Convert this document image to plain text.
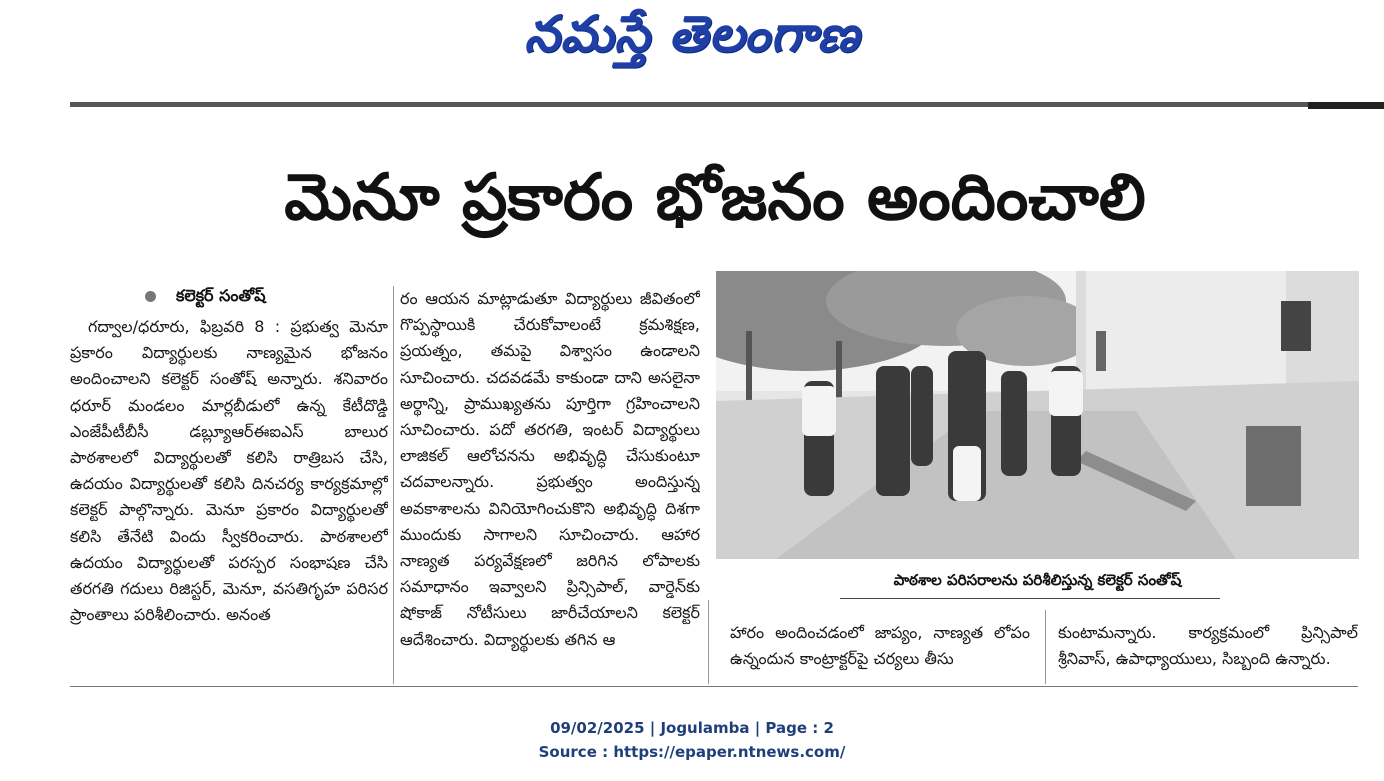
నమస్తే తెలంగాణ
మెనూ ప్రకారం భోజనం అందించాలి
కలెక్టర్ సంతోష్

గద్వాల/ధరూరు, ఫిబ్రవరి 8 : ప్రభుత్వ మెనూ ప్రకారం విద్యార్థులకు నాణ్యమైన భోజనం అందించాలని కలెక్టర్ సంతోష్ అన్నారు. శనివారం ధరూర్ మండలం మార్లబీడులో ఉన్న కేటీదొడ్డి ఎంజేపీటీబీసీ డబ్ల్యూఆర్ఈఐఎస్ బాలుర పాఠశాలలో విద్యార్థులతో కలిసి రాత్రిబస చేసి, ఉదయం విద్యార్థులతో కలిసి దినచర్య కార్యక్రమాల్లో కలెక్టర్ పాల్గొన్నారు. మెనూ ప్రకారం విద్యార్థులతో కలిసి తేనేటి విందు స్వీకరించారు. పాఠశాలలో ఉదయం విద్యార్థులతో పరస్పర సంభాషణ చేసి తరగతి గదులు రిజిస్టర్, మెనూ, వసతిగృహ పరిసర ప్రాంతాలు పరిశీలించారు. అనంత

రం ఆయన మాట్లాడుతూ విద్యార్థులు జీవితంలో గొప్పస్థాయికి చేరుకోవాలంటే క్రమశిక్షణ, ప్రయత్నం, తమపై విశ్వాసం ఉండాలని సూచించారు. చదవడమే కాకుండా దాని అసలైనా అర్థాన్ని, ప్రాముఖ్యతను పూర్తిగా గ్రహించాలని సూచించారు. పదో తరగతి, ఇంటర్ విద్యార్థులు లాజికల్ ఆలోచనను అభివృద్ధి చేసుకుంటూ చదవాలన్నారు. ప్రభుత్వం అందిస్తున్న అవకాశాలను వినియోగించుకొని అభివృద్ధి దిశగా ముందుకు సాగాలని సూచించారు. ఆహార నాణ్యత పర్యవేక్షణలో జరిగిన లోపాలకు సమాధానం ఇవ్వాలని ప్రిన్సిపాల్, వార్డెన్‌కు షోకాజ్ నోటీసులు జారీచేయాలని కలెక్టర్ ఆదేశించారు. విద్యార్థులకు తగిన ఆ

పాఠశాల పరిసరాలను పరిశీలిస్తున్న కలెక్టర్ సంతోష్

హారం అందించడంలో జాప్యం, నాణ్యత లోపం ఉన్నందున కాంట్రాక్టర్‌పై చర్యలు తీసు

కుంటామన్నారు. కార్యక్రమంలో ప్రిన్సిపాల్ శ్రీనివాస్, ఉపాధ్యాయులు, సిబ్బంది ఉన్నారు.

09/02/2025 | Jogulamba | Page : 2
Source : https://epaper.ntnews.com/
